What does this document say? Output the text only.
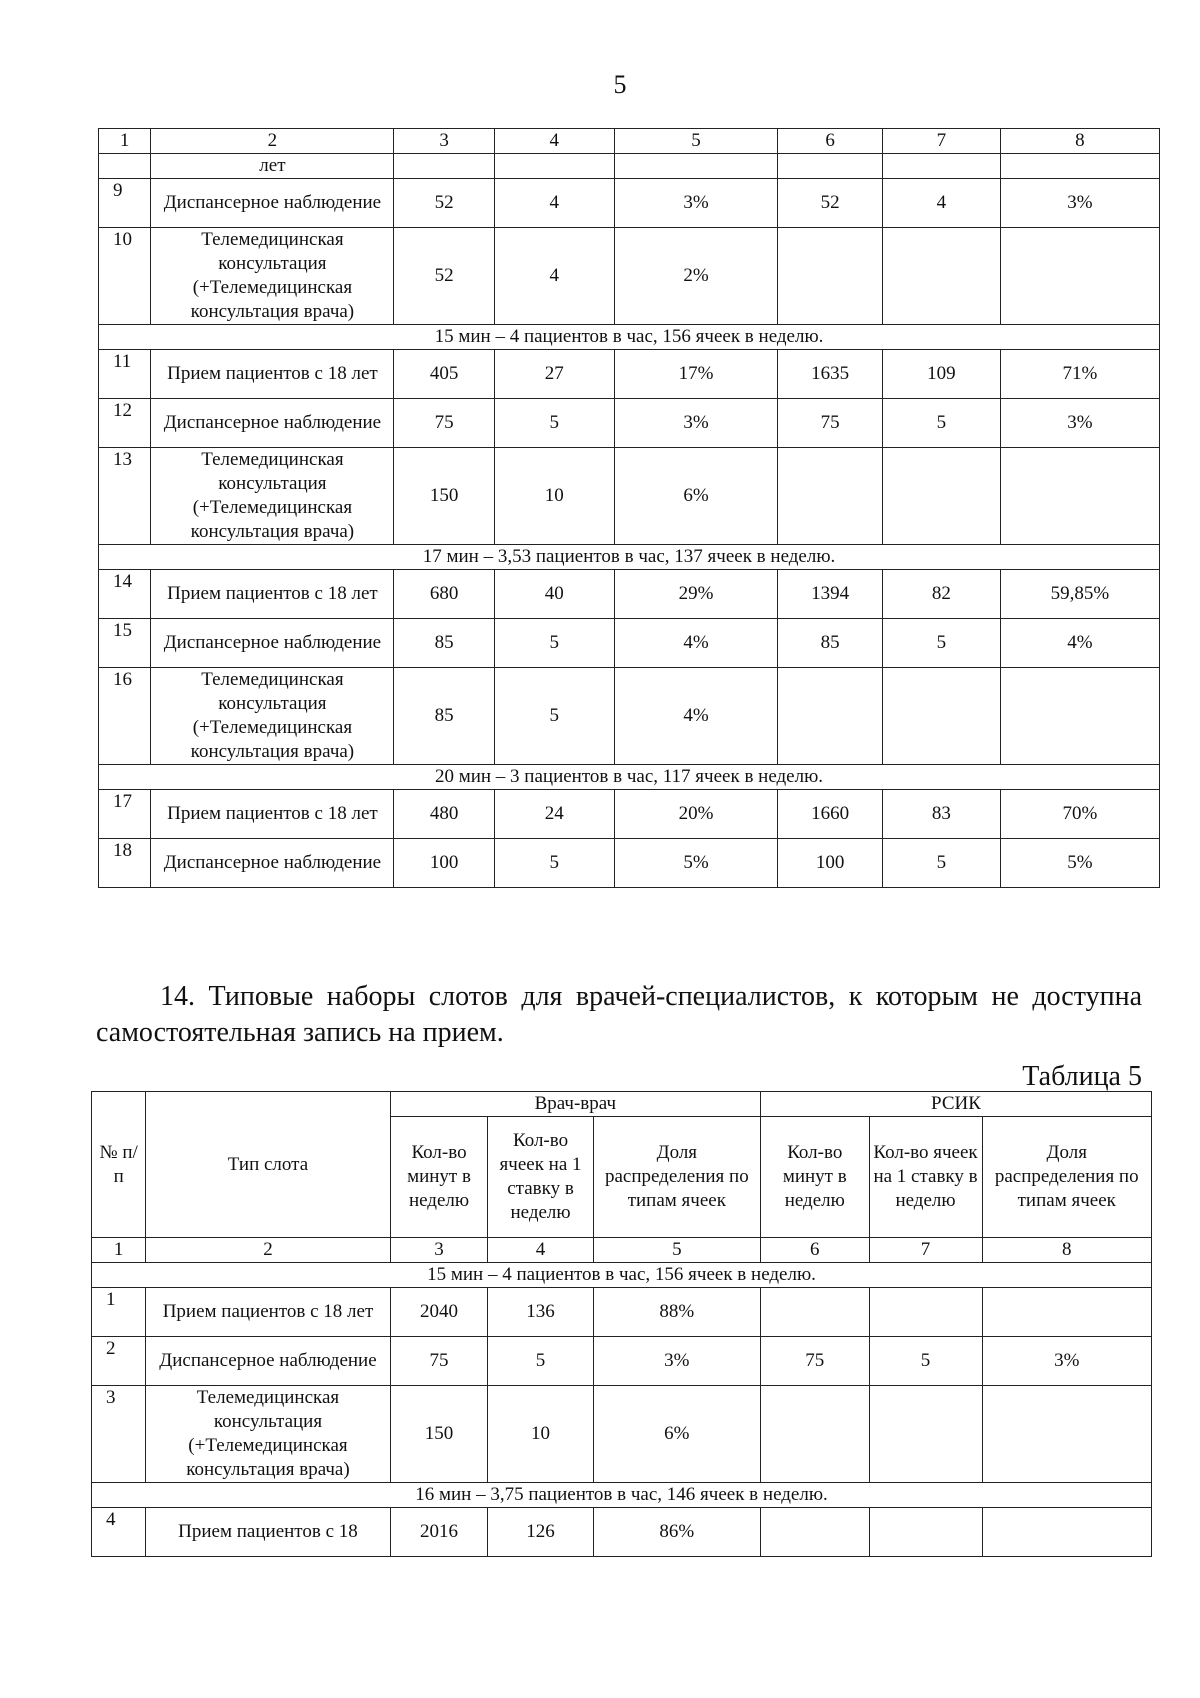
5
1	2	3	4	5	6	7	8
	лет						
9	Диспансерное наблюдение	52	4	3%	52	4	3%
10	Телемедицинская консультация (+Телемедицинская консультация врача)	52	4	2%			
15 мин – 4 пациентов в час, 156 ячеек в неделю.							
11	Прием пациентов с 18 лет	405	27	17%	1635	109	71%
12	Диспансерное наблюдение	75	5	3%	75	5	3%
13	Телемедицинская консультация (+Телемедицинская консультация врача)	150	10	6%			
17 мин – 3,53 пациентов в час, 137 ячеек в неделю.							
14	Прием пациентов с 18 лет	680	40	29%	1394	82	59,85%
15	Диспансерное наблюдение	85	5	4%	85	5	4%
16	Телемедицинская консультация (+Телемедицинская консультация врача)	85	5	4%			
20 мин – 3 пациентов в час, 117 ячеек в неделю.							
17	Прием пациентов с 18 лет	480	24	20%	1660	83	70%
18	Диспансерное наблюдение	100	5	5%	100	5	5%
14. Типовые наборы слотов для врачей-специалистов, к которым не доступна самостоятельная запись на прием.
Таблица 5
№ п/п	Тип слота	Врач-врач			РСИК		
		Кол-во минут в неделю	Кол-во ячеек на 1 ставку в неделю	Доля распределения по типам ячеек	Кол-во минут в неделю	Кол-во ячеек на 1 ставку в неделю	Доля распределения по типам ячеек
1	2	3	4	5	6	7	8
15 мин – 4 пациентов в час, 156 ячеек в неделю.							
1	Прием пациентов с 18 лет	2040	136	88%			
2	Диспансерное наблюдение	75	5	3%	75	5	3%
3	Телемедицинская консультация (+Телемедицинская консультация врача)	150	10	6%			
16 мин – 3,75 пациентов в час, 146 ячеек в неделю.							
4	Прием пациентов с 18	2016	126	86%			
